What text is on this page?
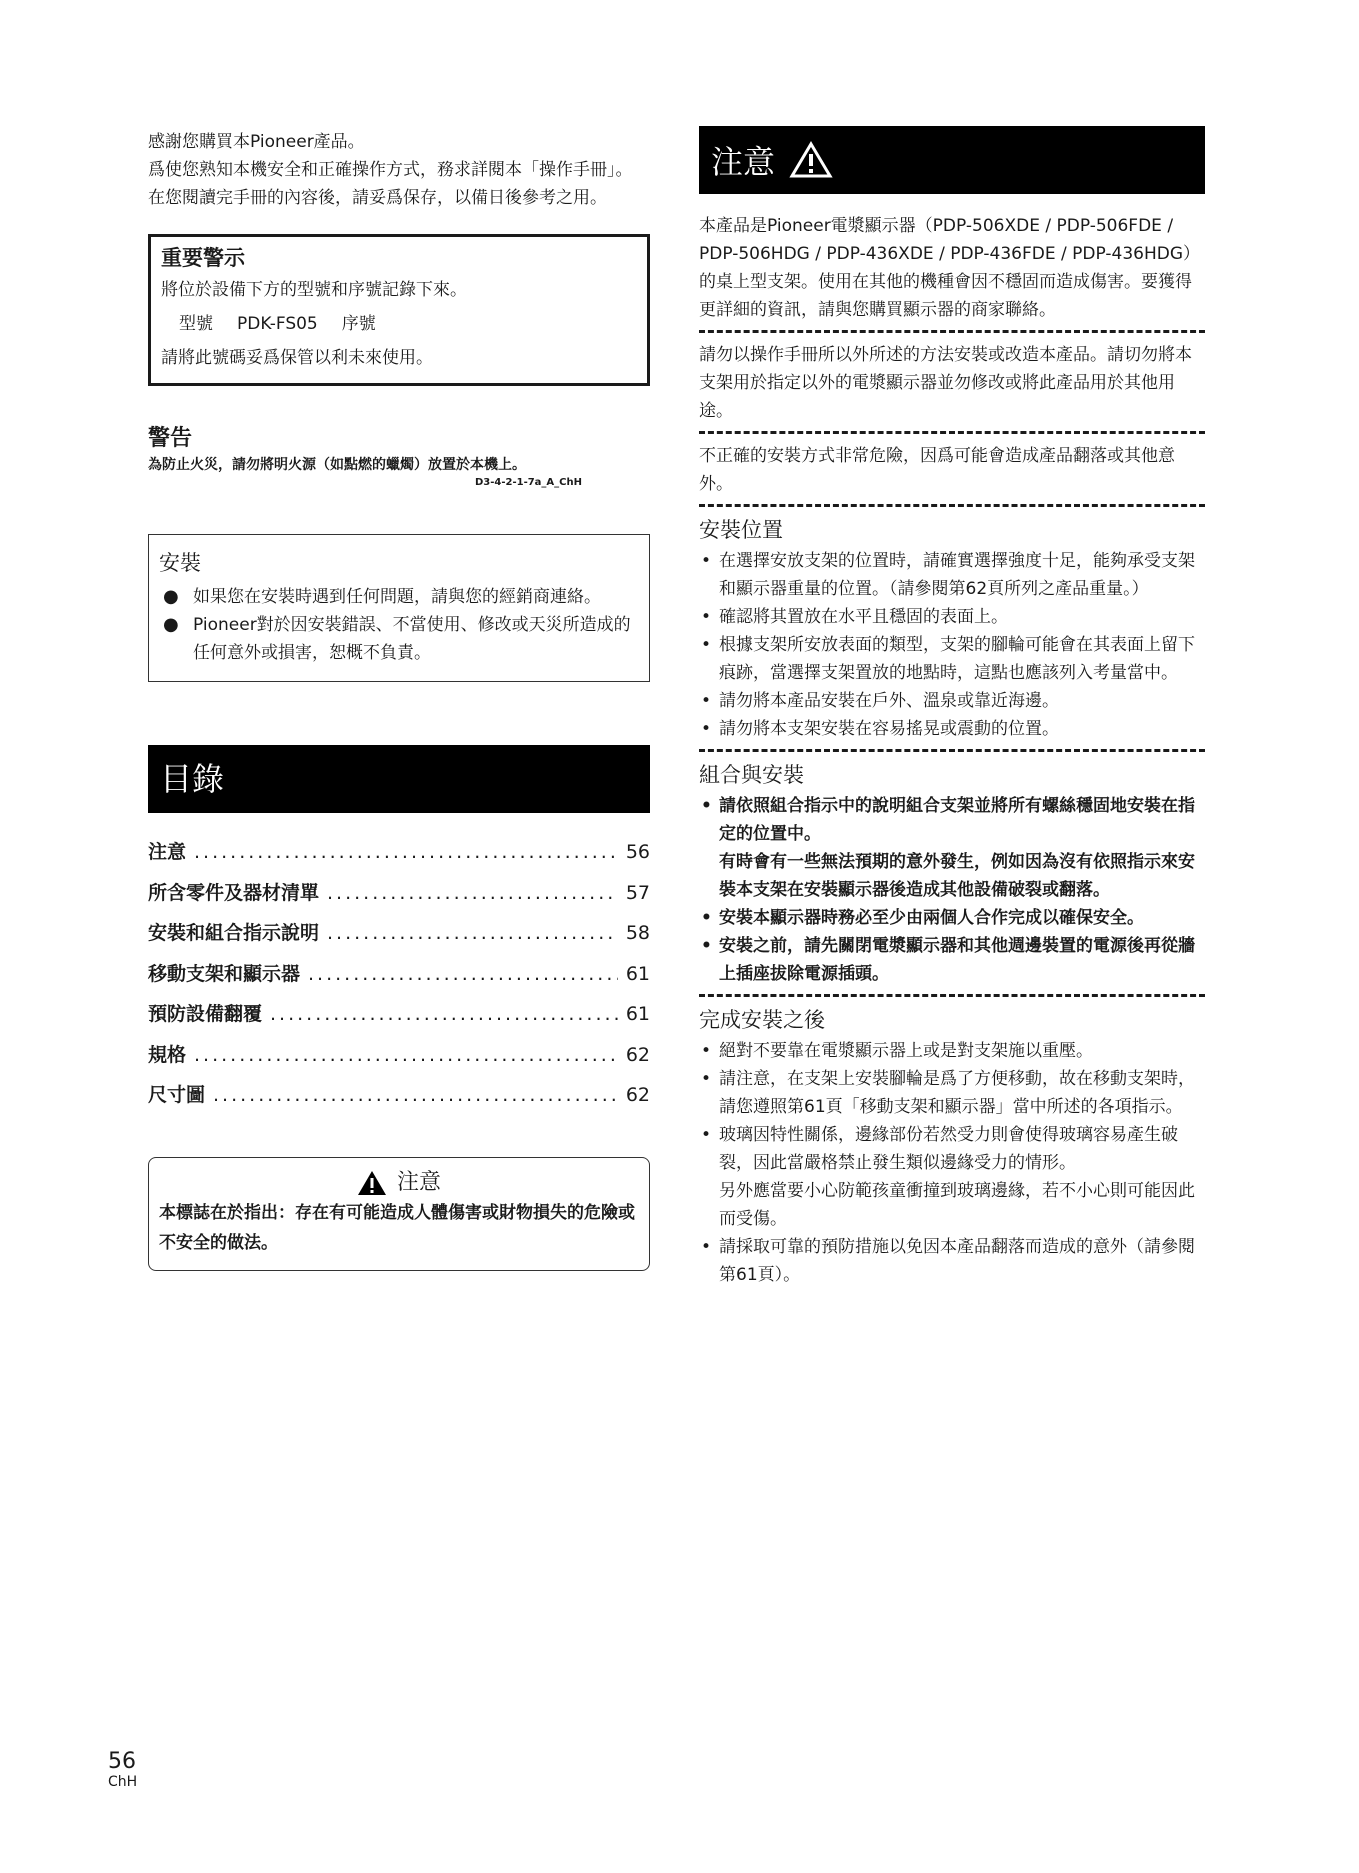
感謝您購買本Pioneer產品。

爲使您熟知本機安全和正確操作方式，務求詳閱本「操作手冊」。

在您閱讀完手冊的內容後，請妥爲保存，以備日後參考之用。

重要警示
將位於設備下方的型號和序號記錄下來。
型號 PDK-FS05 序號
請將此號碼妥爲保管以利未來使用。
警告
為防止火災，請勿將明火源（如點燃的蠟燭）放置於本機上。
D3-4-2-1-7a_A_ChH
安裝
● 如果您在安裝時遇到任何問題，請與您的經銷商連絡。
● Pioneer對於因安裝錯誤、不當使用、修改或天災所造成的任何意外或損害，恕概不負責。
目錄
注意 .....	56
所含零件及器材清單 .....	57
安裝和組合指示說明 .....	58
移動支架和顯示器 .....	61
預防設備翻覆 .....	61
規格 .....	62
尺寸圖 .....	62
注意
本標誌在於指出：存在有可能造成人體傷害或財物損失的危險或不安全的做法。
注意

本產品是Pioneer電漿顯示器（PDP-506XDE / PDP-506FDE / PDP-506HDG / PDP-436XDE / PDP-436FDE / PDP-436HDG）的桌上型支架。使用在其他的機種會因不穩固而造成傷害。要獲得更詳細的資訊，請與您購買顯示器的商家聯絡。

請勿以操作手冊所以外所述的方法安裝或改造本產品。請切勿將本支架用於指定以外的電漿顯示器並勿修改或將此產品用於其他用途。

不正確的安裝方式非常危險，因爲可能會造成產品翻落或其他意外。

安裝位置
• 在選擇安放支架的位置時，請確實選擇強度十足，能夠承受支架和顯示器重量的位置。（請參閱第62頁所列之產品重量。）
• 確認將其置放在水平且穩固的表面上。
• 根據支架所安放表面的類型，支架的腳輪可能會在其表面上留下痕跡，當選擇支架置放的地點時，這點也應該列入考量當中。
• 請勿將本產品安裝在戶外、溫泉或靠近海邊。
• 請勿將本支架安裝在容易搖晃或震動的位置。
組合與安裝
• 請依照組合指示中的說明組合支架並將所有螺絲穩固地安裝在指定的位置中。
有時會有一些無法預期的意外發生，例如因為沒有依照指示來安裝本支架在安裝顯示器後造成其他設備破裂或翻落。
• 安裝本顯示器時務必至少由兩個人合作完成以確保安全。
• 安裝之前，請先關閉電漿顯示器和其他週邊裝置的電源後再從牆上插座拔除電源插頭。
完成安裝之後
• 絕對不要靠在電漿顯示器上或是對支架施以重壓。
• 請注意，在支架上安裝腳輪是爲了方便移動，故在移動支架時，請您遵照第61頁「移動支架和顯示器」當中所述的各項指示。
• 玻璃因特性關係，邊緣部份若然受力則會使得玻璃容易產生破裂，因此當嚴格禁止發生類似邊緣受力的情形。
另外應當要小心防範孩童衝撞到玻璃邊緣，若不小心則可能因此而受傷。
• 請採取可靠的預防措施以免因本產品翻落而造成的意外（請參閱第61頁）。
56
ChH
